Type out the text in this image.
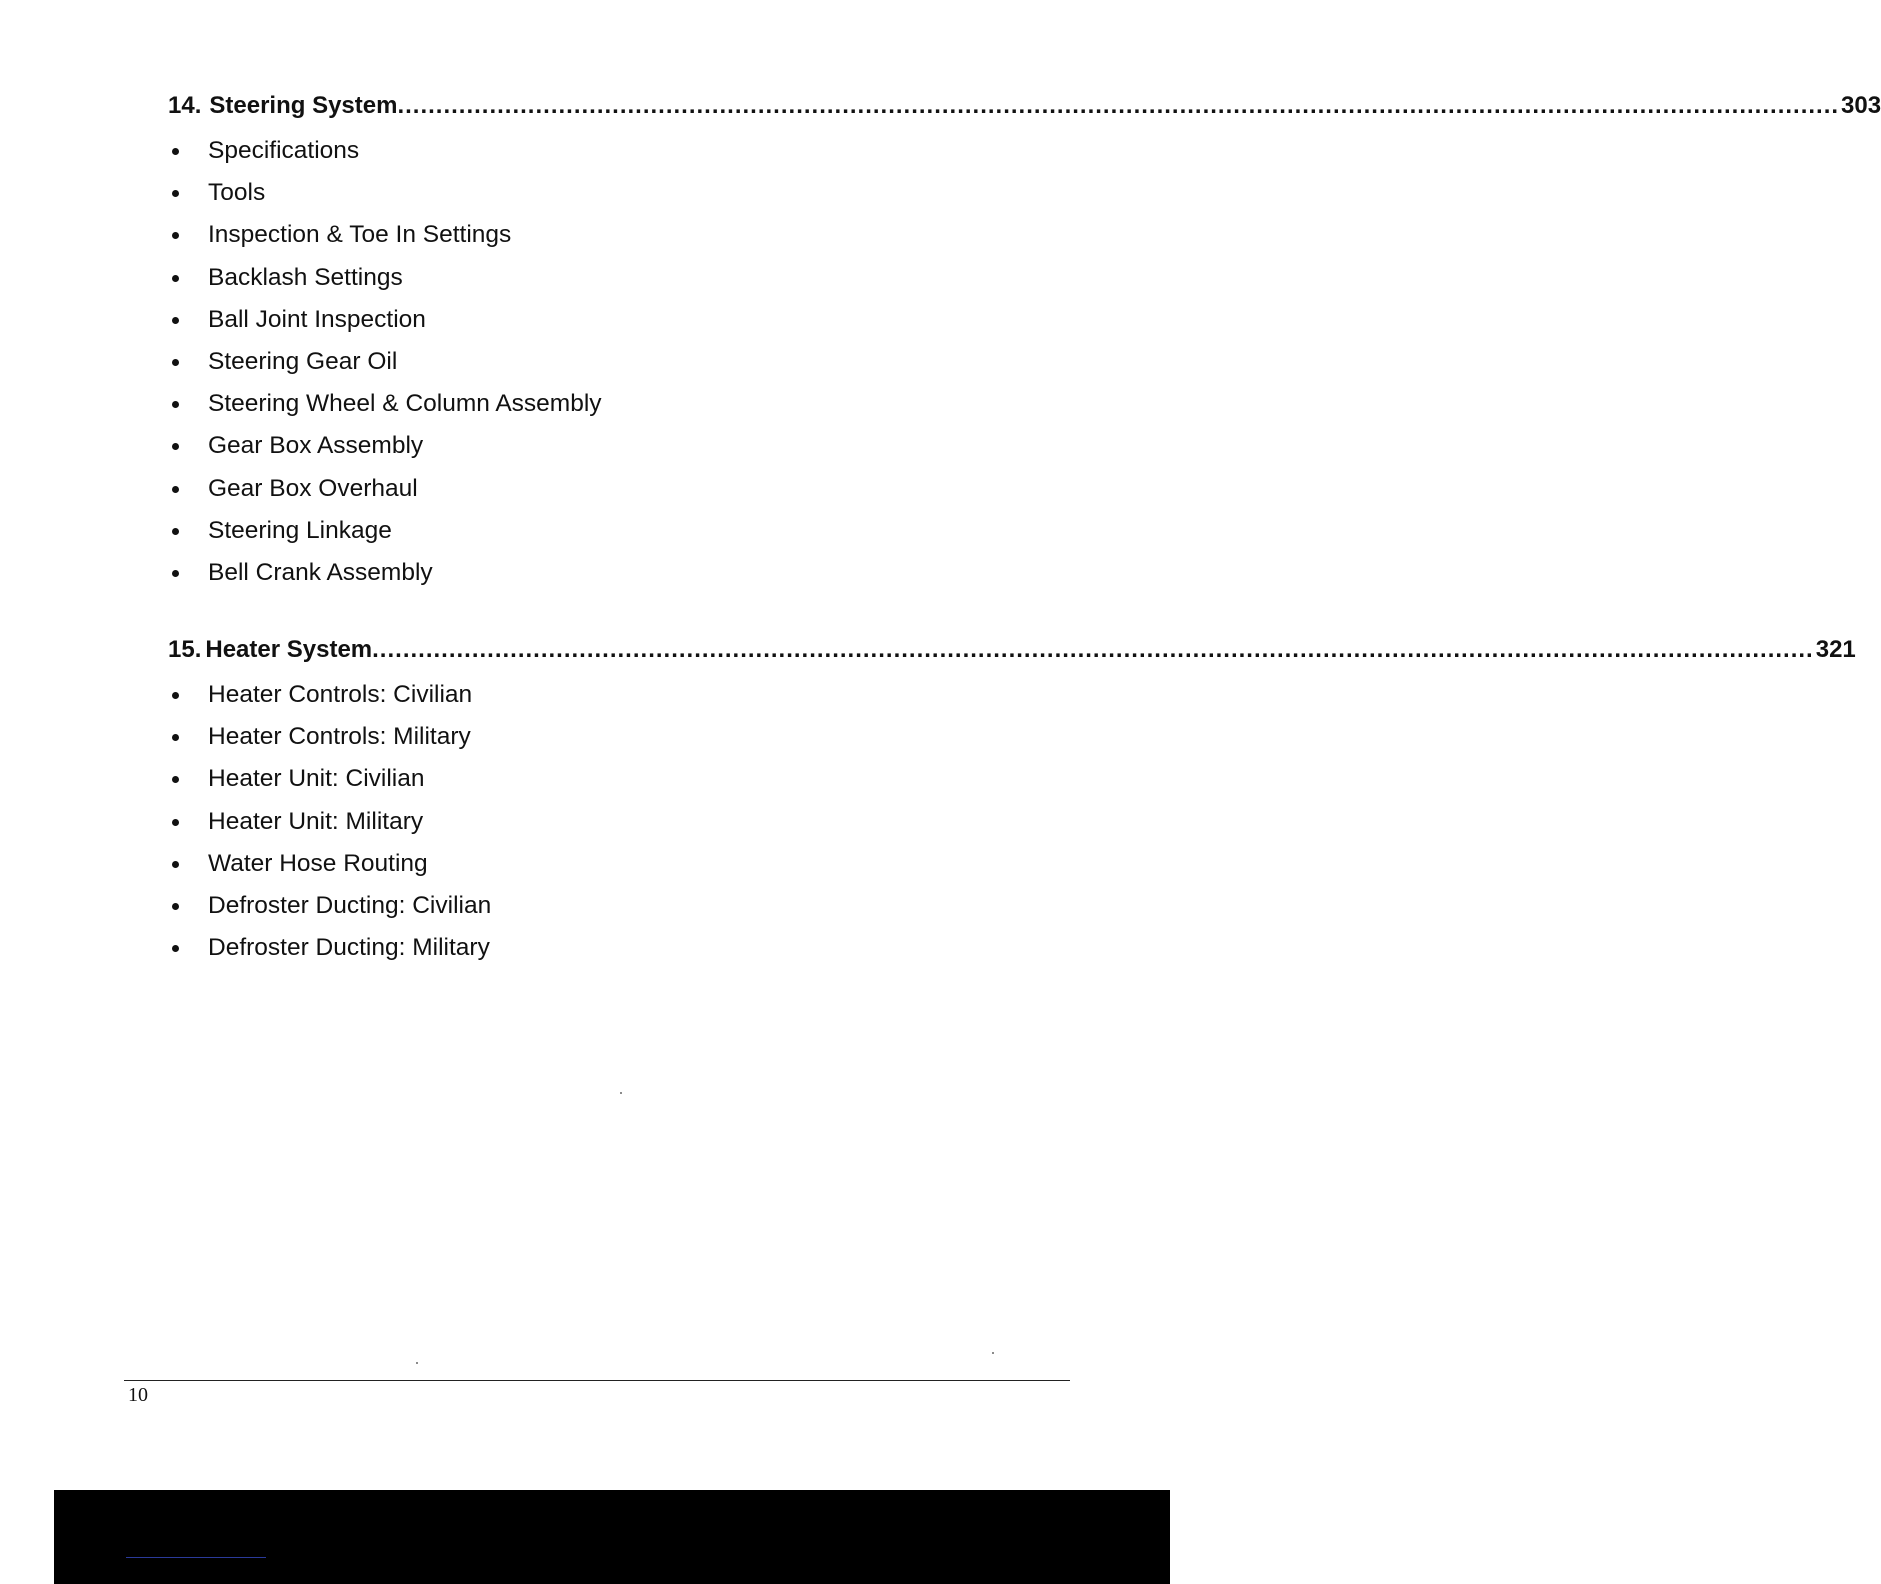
14. Steering System ............................................................................................................................................................................................ 303
Specifications
Tools
Inspection & Toe In Settings
Backlash Settings
Ball Joint Inspection
Steering Gear Oil
Steering Wheel & Column Assembly
Gear Box Assembly
Gear Box Overhaul
Steering Linkage
Bell Crank Assembly
15. Heater System ............................................................................................................................................................................................ 321
Heater Controls: Civilian
Heater Controls: Military
Heater Unit: Civilian
Heater Unit: Military
Water Hose Routing
Defroster Ducting: Civilian
Defroster Ducting: Military
10
